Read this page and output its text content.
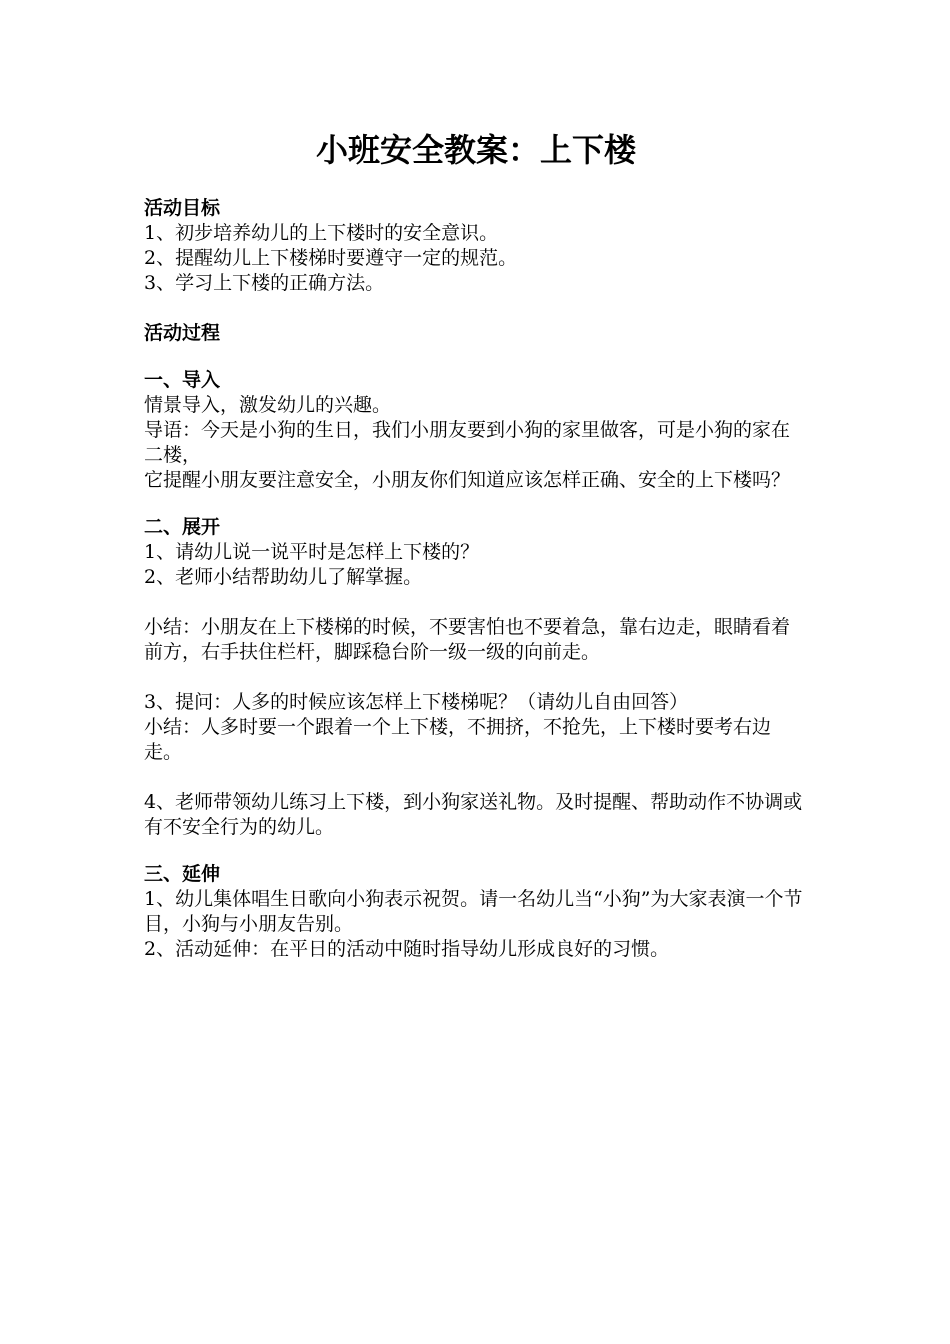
小班安全教案：上下楼

活动目标

1、初步培养幼儿的上下楼时的安全意识。

2、提醒幼儿上下楼梯时要遵守一定的规范。

3、学习上下楼的正确方法。

活动过程

一、导入

情景导入，激发幼儿的兴趣。

导语：今天是小狗的生日，我们小朋友要到小狗的家里做客，可是小狗的家在二楼，

它提醒小朋友要注意安全，小朋友你们知道应该怎样正确、安全的上下楼吗？

二、展开

1、请幼儿说一说平时是怎样上下楼的？

2、老师小结帮助幼儿了解掌握。

小结：小朋友在上下楼梯的时候，不要害怕也不要着急，靠右边走，眼睛看着前方，右手扶住栏杆，脚踩稳台阶一级一级的向前走。

3、提问：人多的时候应该怎样上下楼梯呢？（请幼儿自由回答）

小结：人多时要一个跟着一个上下楼，不拥挤，不抢先，上下楼时要考右边走。

4、老师带领幼儿练习上下楼，到小狗家送礼物。及时提醒、帮助动作不协调或有不安全行为的幼儿。

三、延伸

1、幼儿集体唱生日歌向小狗表示祝贺。请一名幼儿当“小狗”为大家表演一个节目，小狗与小朋友告别。

2、活动延伸：在平日的活动中随时指导幼儿形成良好的习惯。
